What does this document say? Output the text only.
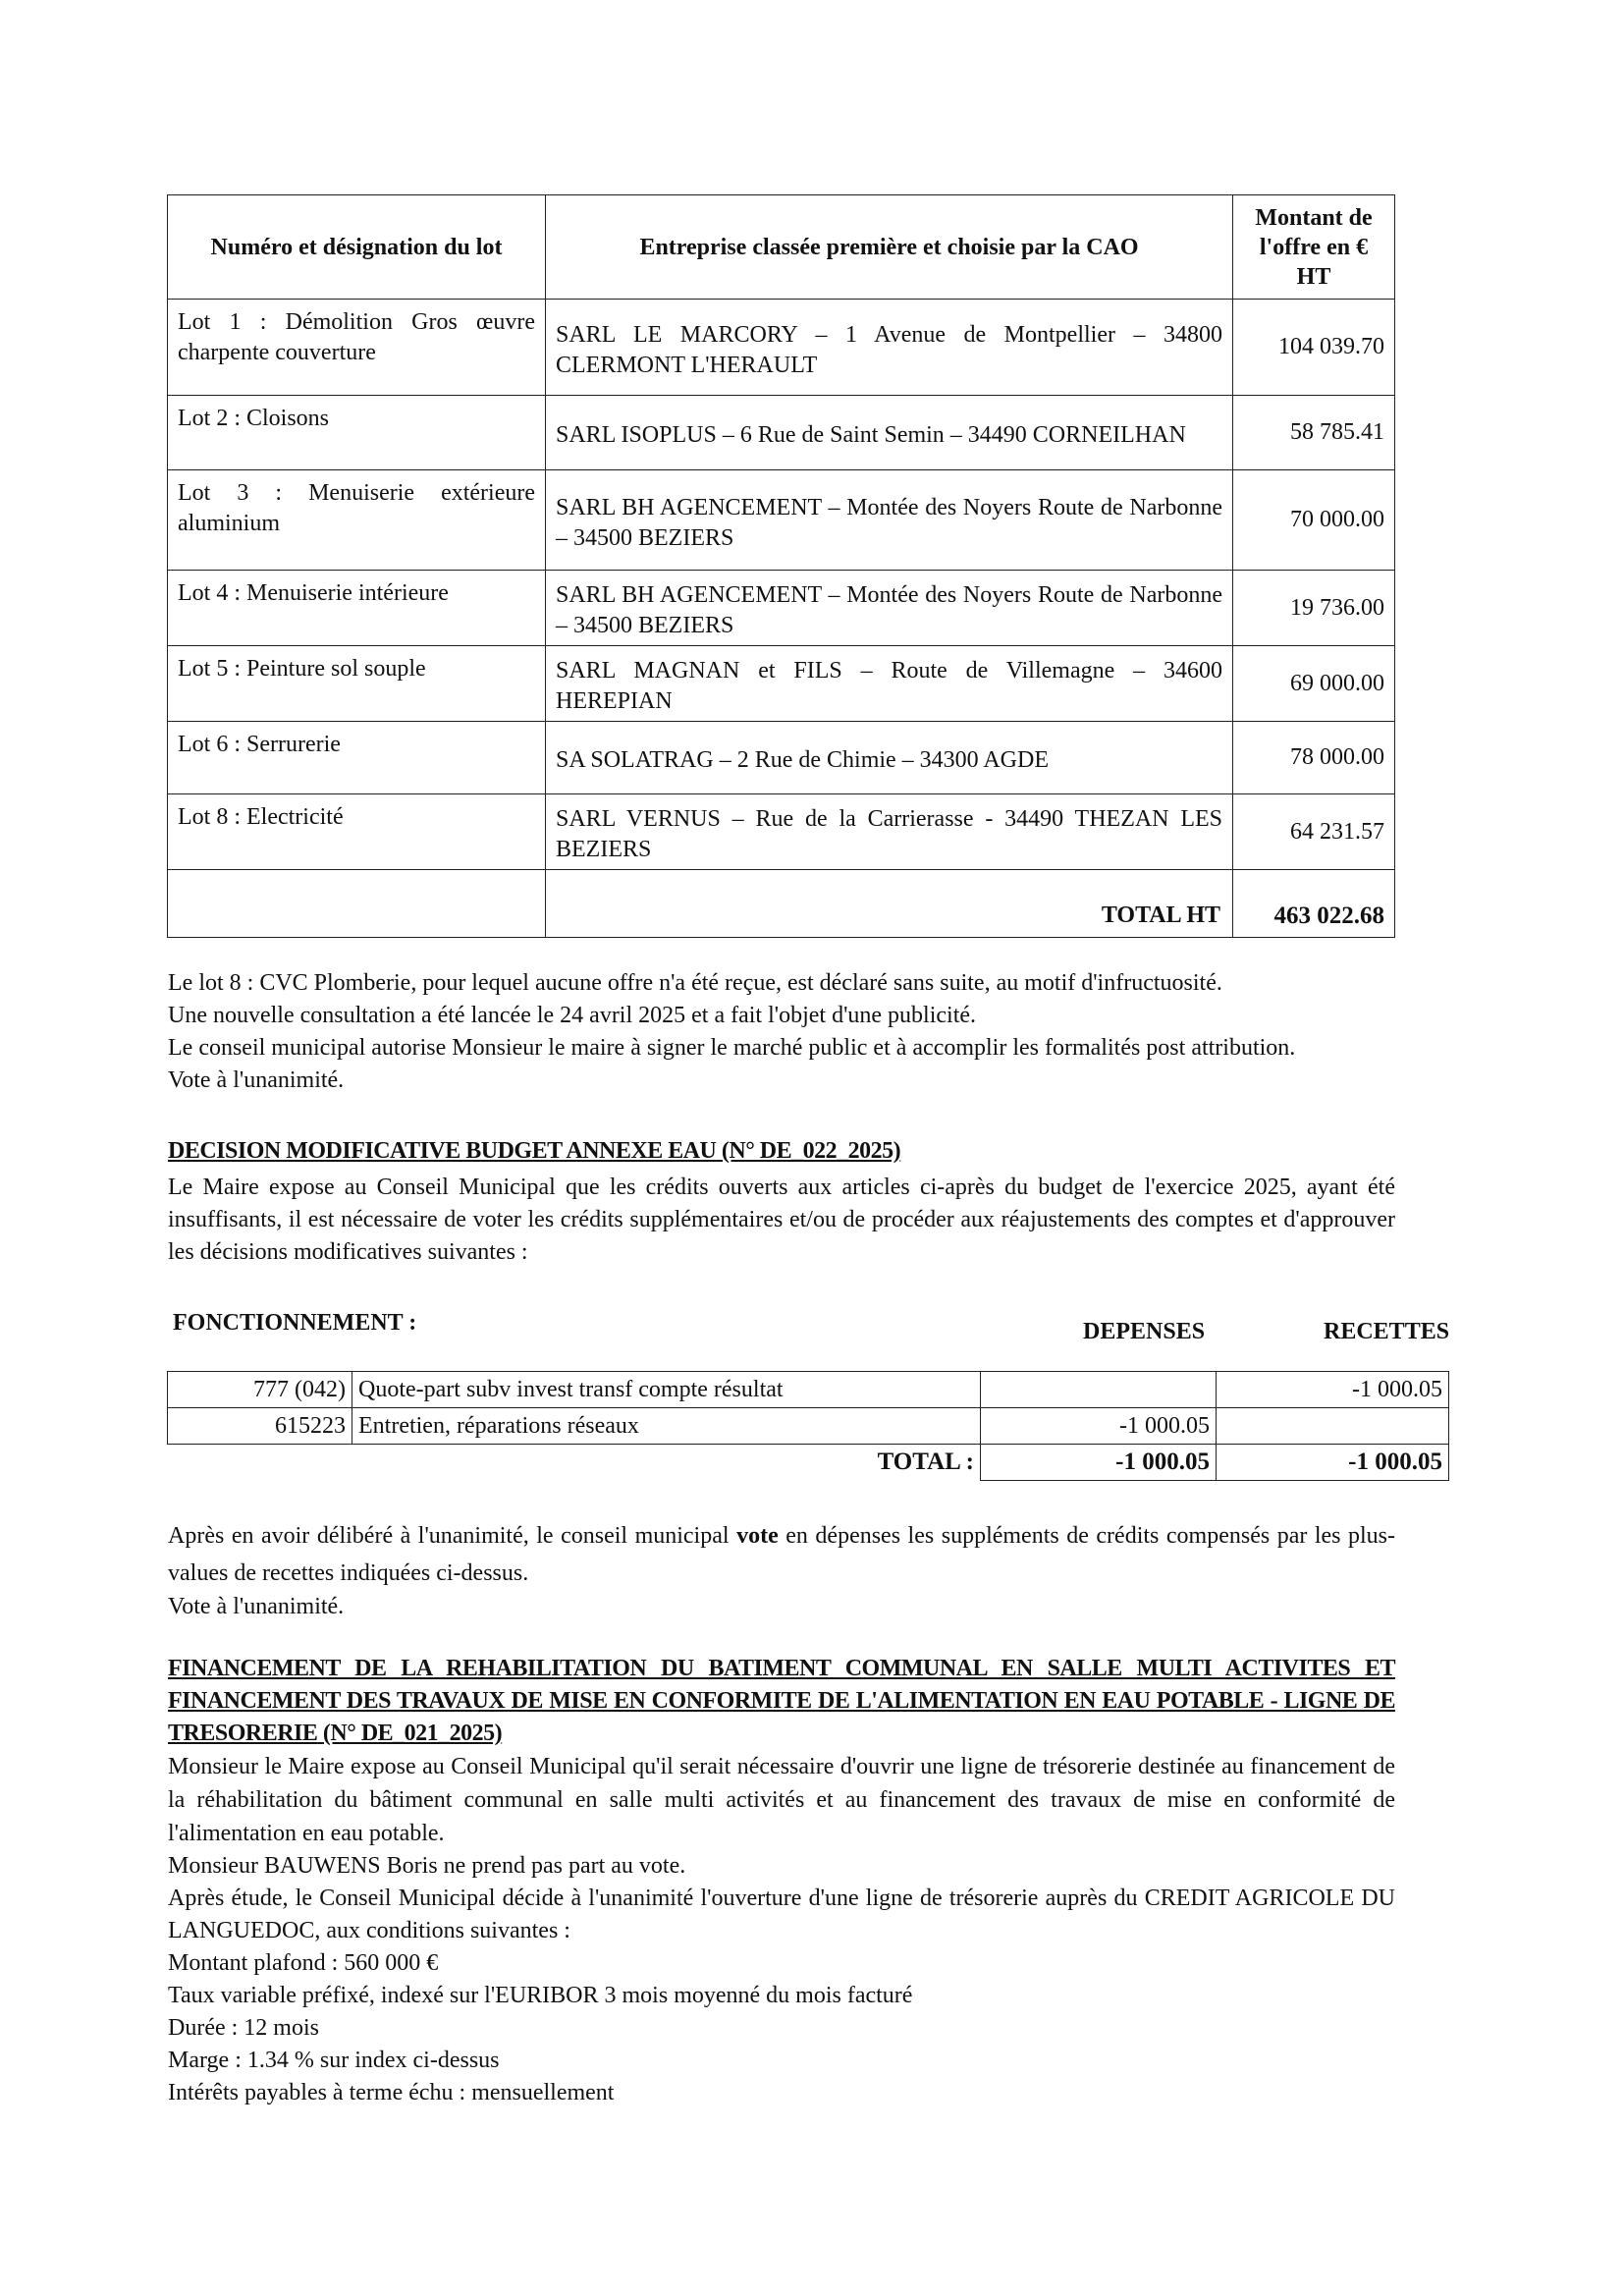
Numéro et désignation du lot	Entreprise classée première et choisie par la CAO	Montant de
l'offre en €
HT

Lot 1 : Démolition Gros œuvre charpente couverture	SARL LE MARCORY – 1 Avenue de Montpellier – 34800 CLERMONT L'HERAULT	104 039.70
Lot 2 : Cloisons	SARL ISOPLUS – 6 Rue de Saint Semin – 34490 CORNEILHAN	58 785.41
Lot 3 : Menuiserie extérieure aluminium	SARL BH AGENCEMENT – Montée des Noyers Route de Narbonne – 34500 BEZIERS	70 000.00
Lot 4 : Menuiserie intérieure	SARL BH AGENCEMENT – Montée des Noyers Route de Narbonne – 34500 BEZIERS	19 736.00
Lot 5 : Peinture sol souple	SARL MAGNAN et FILS – Route de Villemagne – 34600 HEREPIAN	69 000.00
Lot 6 : Serrurerie	SA SOLATRAG – 2 Rue de Chimie – 34300 AGDE	78 000.00
Lot 8 : Electricité	SARL VERNUS – Rue de la Carrierasse - 34490 THEZAN LES BEZIERS	64 231.57
	TOTAL HT	463 022.68

Le lot 8 : CVC Plomberie, pour lequel aucune offre n'a été reçue, est déclaré sans suite, au motif d'infructuosité.

Une nouvelle consultation a été lancée le 24 avril 2025 et a fait l'objet d'une publicité.

Le conseil municipal autorise Monsieur le maire à signer le marché public et à accomplir les formalités post attribution.

Vote à l'unanimité.

DECISION MODIFICATIVE BUDGET ANNEXE EAU (N° DE_022_2025)

Le Maire expose au Conseil Municipal que les crédits ouverts aux articles ci-après du budget de l'exercice 2025, ayant été insuffisants, il est nécessaire de voter les crédits supplémentaires et/ou de procéder aux réajustements des comptes et d'approuver les décisions modificatives suivantes :

FONCTIONNEMENT :	DEPENSES	RECETTES
777 (042)	Quote-part subv invest transf compte résultat		-1 000.05
615223	Entretien, réparations réseaux	-1 000.05	
	TOTAL :	-1 000.05	-1 000.05

Après en avoir délibéré à l'unanimité, le conseil municipal vote en dépenses les suppléments de crédits compensés par les plus-values de recettes indiquées ci-dessus.

Vote à l'unanimité.

FINANCEMENT DE LA REHABILITATION DU BATIMENT COMMUNAL EN SALLE MULTI ACTIVITES ET FINANCEMENT DES TRAVAUX DE MISE EN CONFORMITE DE L'ALIMENTATION EN EAU POTABLE - LIGNE DE TRESORERIE (N° DE_021_2025)

Monsieur le Maire expose au Conseil Municipal qu'il serait nécessaire d'ouvrir une ligne de trésorerie destinée au financement de la réhabilitation du bâtiment communal en salle multi activités et au financement des travaux de mise en conformité de l'alimentation en eau potable.

Monsieur BAUWENS Boris ne prend pas part au vote.

Après étude, le Conseil Municipal décide à l'unanimité l'ouverture d'une ligne de trésorerie auprès du CREDIT AGRICOLE DU LANGUEDOC, aux conditions suivantes :

Montant plafond : 560 000 €

Taux variable préfixé, indexé sur l'EURIBOR 3 mois moyenné du mois facturé

Durée : 12 mois

Marge : 1.34 % sur index ci-dessus

Intérêts payables à terme échu : mensuellement
